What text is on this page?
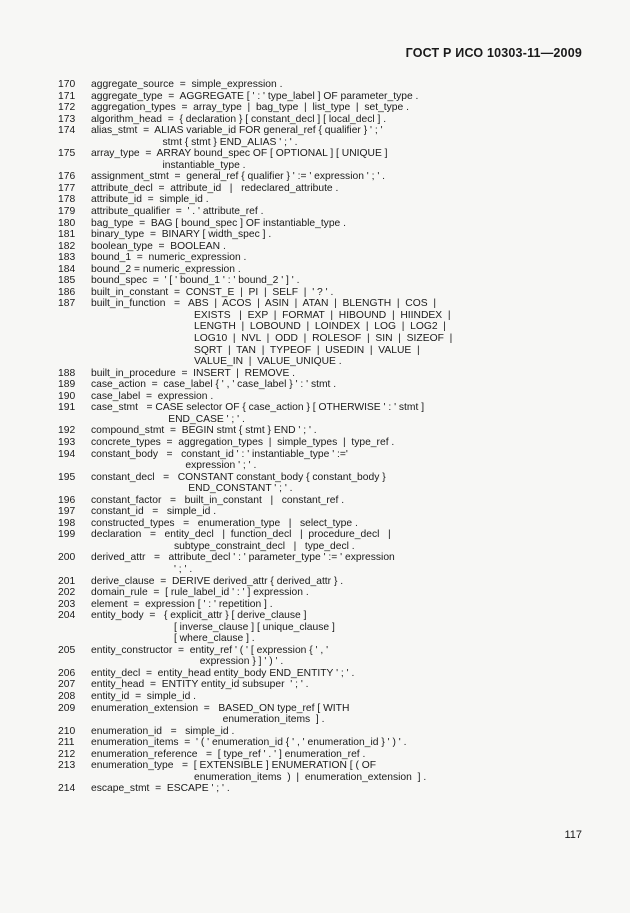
ГОСТ Р ИСО 10303-11—2009
170	aggregate_source  =  simple_expression .
171	aggregate_type  =  AGGREGATE [ ' : ' type_label ] OF parameter_type .
172	aggregation_types  =  array_type  |  bag_type  |  list_type  |  set_type .
173	algorithm_head  =  { declaration } [ constant_decl ] [ local_decl ] .
174	alias_stmt  =  ALIAS variable_id FOR general_ref { qualifier } ' ; '
stmt { stmt } END_ALIAS ' ; ' .
175	array_type  =  ARRAY bound_spec OF [ OPTIONAL ] [ UNIQUE ]
instantiable_type .
176	assignment_stmt  =  general_ref { qualifier } ' := ' expression ' ; ' .
177	attribute_decl  =  attribute_id   |   redeclared_attribute .
178	attribute_id  =  simple_id .
179	attribute_qualifier  =  ' . ' attribute_ref .
180	bag_type  =  BAG [ bound_spec ] OF instantiable_type .
181	binary_type  =  BINARY [ width_spec ] .
182	boolean_type  =  BOOLEAN .
183	bound_1  =  numeric_expression .
184	bound_2 = numeric_expression .
185	bound_spec  =  ' [ ' bound_1 ' : ' bound_2 ' ] ' .
186	built_in_constant  =  CONST_E  |  PI  |  SELF  |  ' ? ' .
187	built_in_function   =   ABS  |  ACOS  |  ASIN  |  ATAN  |  BLENGTH  |  COS  |
EXISTS   |  EXP  |  FORMAT  |  HIBOUND  |  HIINDEX  |
LENGTH  |  LOBOUND  |  LOINDEX  |  LOG  |  LOG2  |
LOG10  |  NVL  |  ODD  |  ROLESOF  |  SIN  |  SIZEOF  |
SQRT  |  TAN  |  TYPEOF  |  USEDIN  |  VALUE  |
VALUE_IN  |  VALUE_UNIQUE .
188	built_in_procedure  =  INSERT  |  REMOVE .
189	case_action  =  case_label { ' , ' case_label } ' : ' stmt .
190	case_label  =  expression .
191	case_stmt   = CASE selector OF { case_action } [ OTHERWISE ' : ' stmt ]
END_CASE ' ; ' .
192	compound_stmt  =  BEGIN stmt { stmt } END ' ; ' .
193	concrete_types  =  aggregation_types  |  simple_types  |  type_ref .
194	constant_body   =   constant_id ' : ' instantiable_type ' :='
expression ' ; ' .
195	constant_decl   =   CONSTANT constant_body { constant_body }
END_CONSTANT ' ; ' .
196	constant_factor   =   built_in_constant   |   constant_ref .
197	constant_id   =   simple_id .
198	constructed_types   =   enumeration_type   |   select_type .
199	declaration   =   entity_decl   |  function_decl   |  procedure_decl   |
subtype_constraint_decl   |   type_decl .
200	derived_attr   =   attribute_decl ' : ' parameter_type ' := ' expression
' ; ' .
201	derive_clause  =  DERIVE derived_attr { derived_attr } .
202	domain_rule  =  [ rule_label_id ' : ' ] expression .
203	element  =  expression [ ' : ' repetition ] .
204	entity_body  =   { explicit_attr } [ derive_clause ]
[ inverse_clause ] [ unique_clause ]
[ where_clause ] .
205	entity_constructor  =  entity_ref ' ( ' [ expression { ' , '
expression } ] ' ) ' .
206	entity_decl  =  entity_head entity_body END_ENTITY ' ; ' .
207	entity_head  =  ENTITY entity_id subsuper  ' ; ' .
208	entity_id  =  simple_id .
209	enumeration_extension  =   BASED_ON type_ref [ WITH
enumeration_items  ] .
210	enumeration_id   =   simple_id .
211	enumeration_items  =  ' ( ' enumeration_id { ' , ' enumeration_id } ' ) ' .
212	enumeration_reference   =  [ type_ref ' . ' ] enumeration_ref .
213	enumeration_type   =  [ EXTENSIBLE ] ENUMERATION [ ( OF
enumeration_items  )  |  enumeration_extension  ] .
214	escape_stmt  =  ESCAPE ' ; ' .
117
